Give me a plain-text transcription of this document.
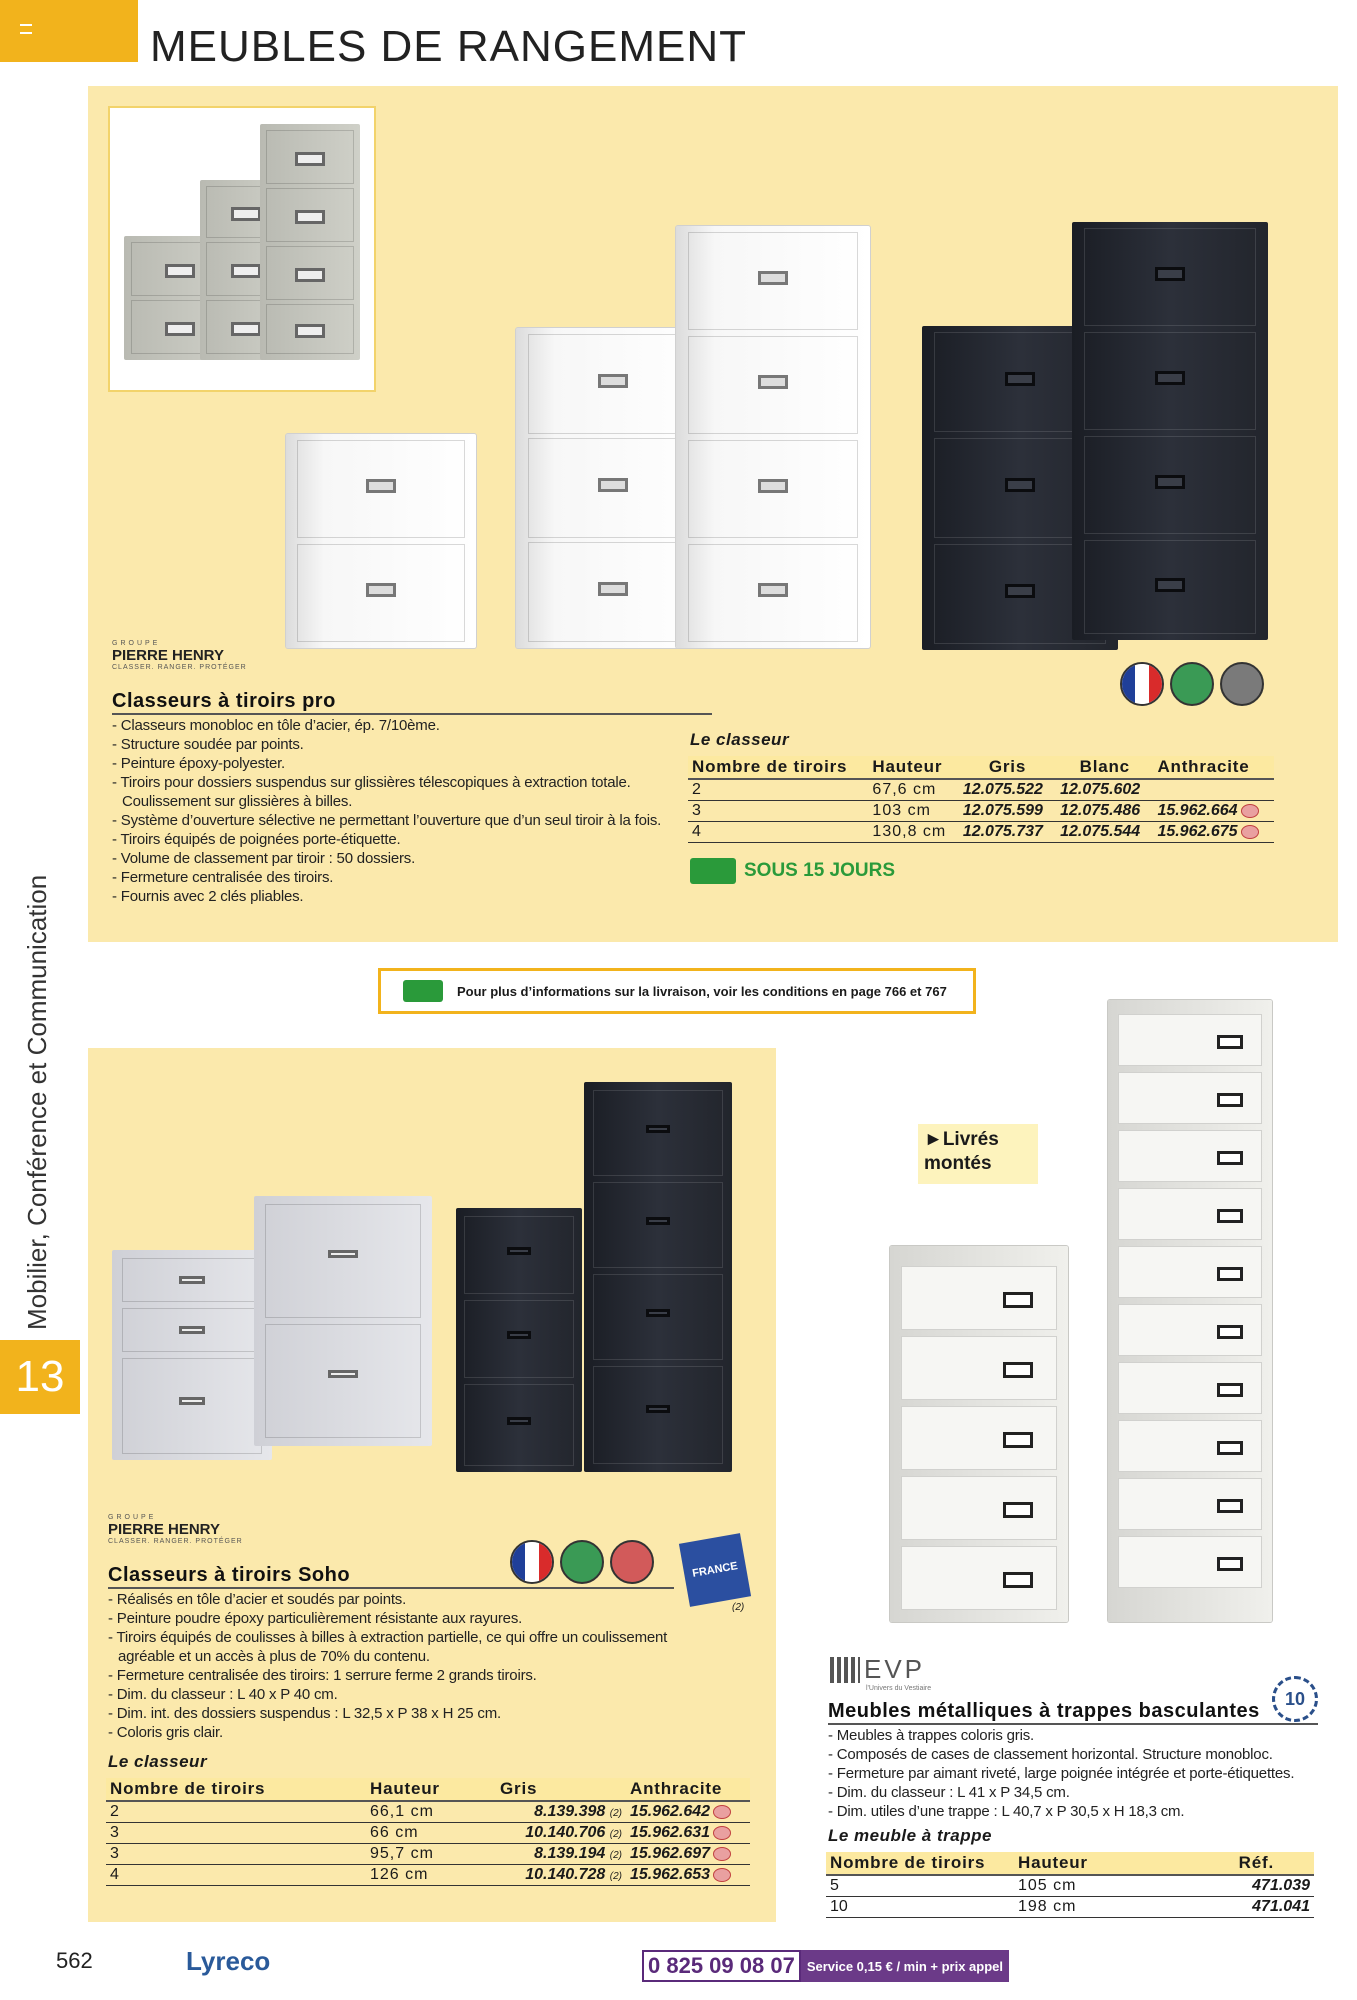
MEUBLES DE RANGEMENT
Mobilier, Conférence et Communication
13
GROUPE
PIERRE HENRY
CLASSER. RANGER. PROTÉGER
Classeurs à tiroirs pro
- Classeurs monobloc en tôle d’acier, ép. 7/10ème.
- Structure soudée par points.
- Peinture époxy-polyester.
- Tiroirs pour dossiers suspendus sur glissières télescopiques à extraction totale.
Coulissement sur glissières à billes.
- Système d’ouverture sélective ne permettant l’ouverture que d’un seul tiroir à la fois.
- Tiroirs équipés de poignées porte-étiquette.
- Volume de classement par tiroir : 50 dossiers.
- Fermeture centralisée des tiroirs.
- Fournis avec 2 clés pliables.
Le classeur
Nombre de tiroirs	Hauteur	Gris	Blanc	Anthracite
2	67,6 cm	12.075.522	12.075.602	
3	103 cm	12.075.599	12.075.486	15.962.664
4	130,8 cm	12.075.737	12.075.544	15.962.675
SOUS 15 JOURS
Pour plus d’informations sur la livraison, voir les conditions en page 766 et 767
GROUPE
PIERRE HENRY
CLASSER. RANGER. PROTÉGER
FRANCE
(2)
Classeurs à tiroirs Soho
- Réalisés en tôle d’acier et soudés par points.
- Peinture poudre époxy particulièrement résistante aux rayures.
- Tiroirs équipés de coulisses à billes à extraction partielle, ce qui offre un coulissement
agréable et un accès à plus de 70% du contenu.
- Fermeture centralisée des tiroirs: 1 serrure ferme 2 grands tiroirs.
- Dim. du classeur : L 40 x P 40 cm.
- Dim. int. des dossiers suspendus : L 32,5 x P 38 x H 25 cm.
- Coloris gris clair.
Le classeur
Nombre de tiroirs	Hauteur	Gris	Anthracite
2	66,1 cm	8.139.398 (2)	15.962.642
3	66 cm	10.140.706 (2)	15.962.631
3	95,7 cm	8.139.194 (2)	15.962.697
4	126 cm	10.140.728 (2)	15.962.653
►Livrés montés
EVP
l'Univers du Vestiaire
10
Meubles métalliques à trappes basculantes
- Meubles à trappes coloris gris.
- Composés de cases de classement horizontal. Structure monobloc.
- Fermeture par aimant riveté, large poignée intégrée et porte-étiquettes.
- Dim. du classeur : L 41 x P 34,5 cm.
- Dim. utiles d’une trappe : L 40,7 x P 30,5 x H 18,3 cm.
Le meuble à trappe
Nombre de tiroirs	Hauteur	Réf.
5	105 cm	471.039
10	198 cm	471.041
562	Lyreco	0 825 09 08 07 Service 0,15 € / min + prix appel
